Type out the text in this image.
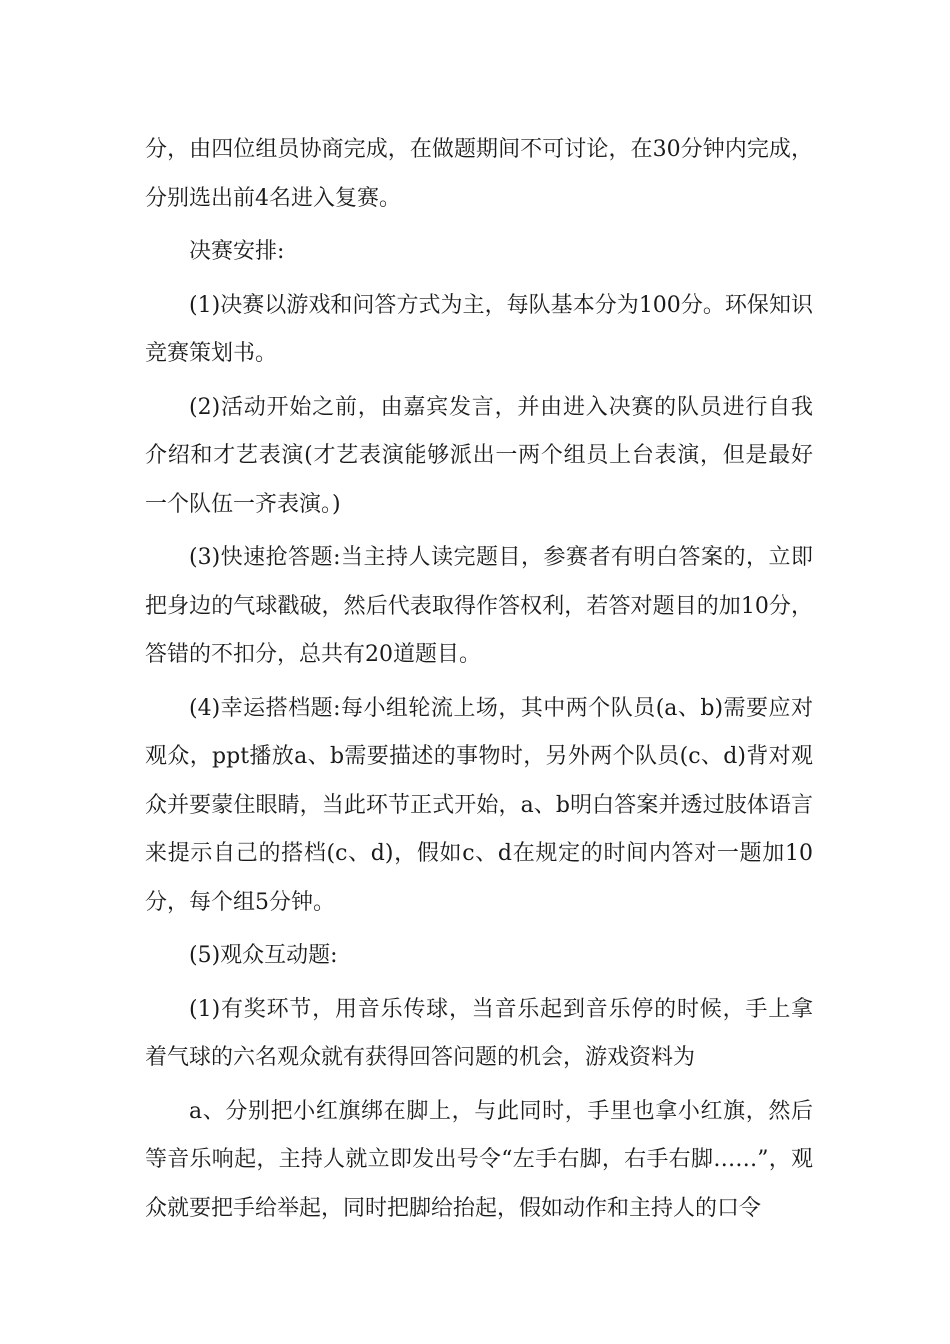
分，由四位组员协商完成，在做题期间不可讨论，在30分钟内完成，分别选出前4名进入复赛。

决赛安排:

(1)决赛以游戏和问答方式为主，每队基本分为100分。环保知识竞赛策划书。

(2)活动开始之前，由嘉宾发言，并由进入决赛的队员进行自我介绍和才艺表演(才艺表演能够派出一两个组员上台表演，但是最好一个队伍一齐表演。)

(3)快速抢答题:当主持人读完题目，参赛者有明白答案的，立即把身边的气球戳破，然后代表取得作答权利，若答对题目的加10分，答错的不扣分，总共有20道题目。

(4)幸运搭档题:每小组轮流上场，其中两个队员(a、b)需要应对观众，ppt播放a、b需要描述的事物时，另外两个队员(c、d)背对观众并要蒙住眼睛，当此环节正式开始，a、b明白答案并透过肢体语言来提示自己的搭档(c、d)，假如c、d在规定的时间内答对一题加10分，每个组5分钟。

(5)观众互动题:

(1)有奖环节，用音乐传球，当音乐起到音乐停的时候，手上拿着气球的六名观众就有获得回答问题的机会，游戏资料为

a、分别把小红旗绑在脚上，与此同时，手里也拿小红旗，然后等音乐响起，主持人就立即发出号令“左手右脚，右手右脚……”，观众就要把手给举起，同时把脚给抬起，假如动作和主持人的口令
